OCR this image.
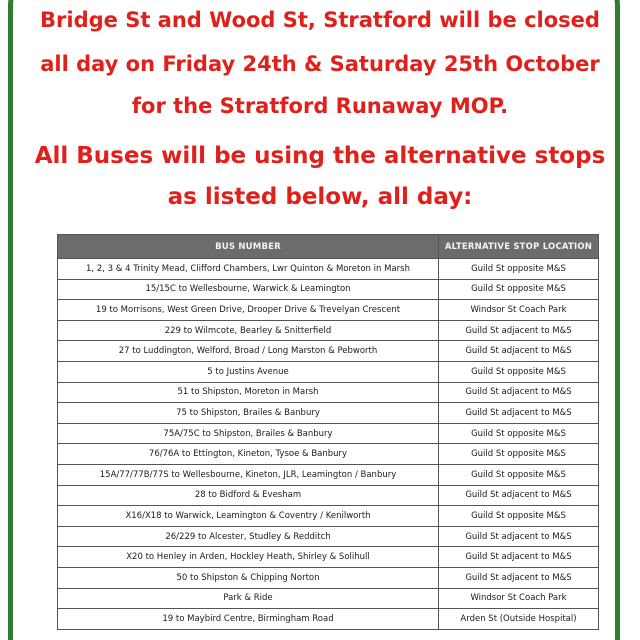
Bridge St and Wood St, Stratford will be closed
all day on Friday 24th & Saturday 25th October
for the Stratford Runaway MOP.
All Buses will be using the alternative stops
as listed below, all day:
BUS NUMBER	ALTERNATIVE STOP LOCATION
1, 2, 3 & 4 Trinity Mead, Clifford Chambers, Lwr Quinton & Moreton in Marsh	Guild St opposite M&S
15/15C to Wellesbourne, Warwick & Leamington	Guild St opposite M&S
19 to Morrisons, West Green Drive, Drooper Drive & Trevelyan Crescent	Windsor St Coach Park
229 to Wilmcote, Bearley & Snitterfield	Guild St adjacent to M&S
27 to Luddington, Welford, Broad / Long Marston & Pebworth	Guild St adjacent to M&S
5 to Justins Avenue	Guild St opposite M&S
51 to Shipston, Moreton in Marsh	Guild St adjacent to M&S
75 to Shipston, Brailes & Banbury	Guild St adjacent to M&S
75A/75C to Shipston, Brailes & Banbury	Guild St opposite M&S
76/76A to Ettington, Kineton, Tysoe & Banbury	Guild St opposite M&S
15A/77/77B/77S to Wellesbourne, Kineton, JLR, Leamington / Banbury	Guild St opposite M&S
28 to Bidford & Evesham	Guild St adjacent to M&S
X16/X18 to Warwick, Leamington & Coventry / Kenilworth	Guild St opposite M&S
26/229 to Alcester, Studley & Redditch	Guild St adjacent to M&S
X20 to Henley in Arden, Hockley Heath, Shirley & Solihull	Guild St adjacent to M&S
50 to Shipston & Chipping Norton	Guild St adjacent to M&S
Park & Ride	Windsor St Coach Park
19 to Maybird Centre, Birmingham Road	Arden St (Outside Hospital)
